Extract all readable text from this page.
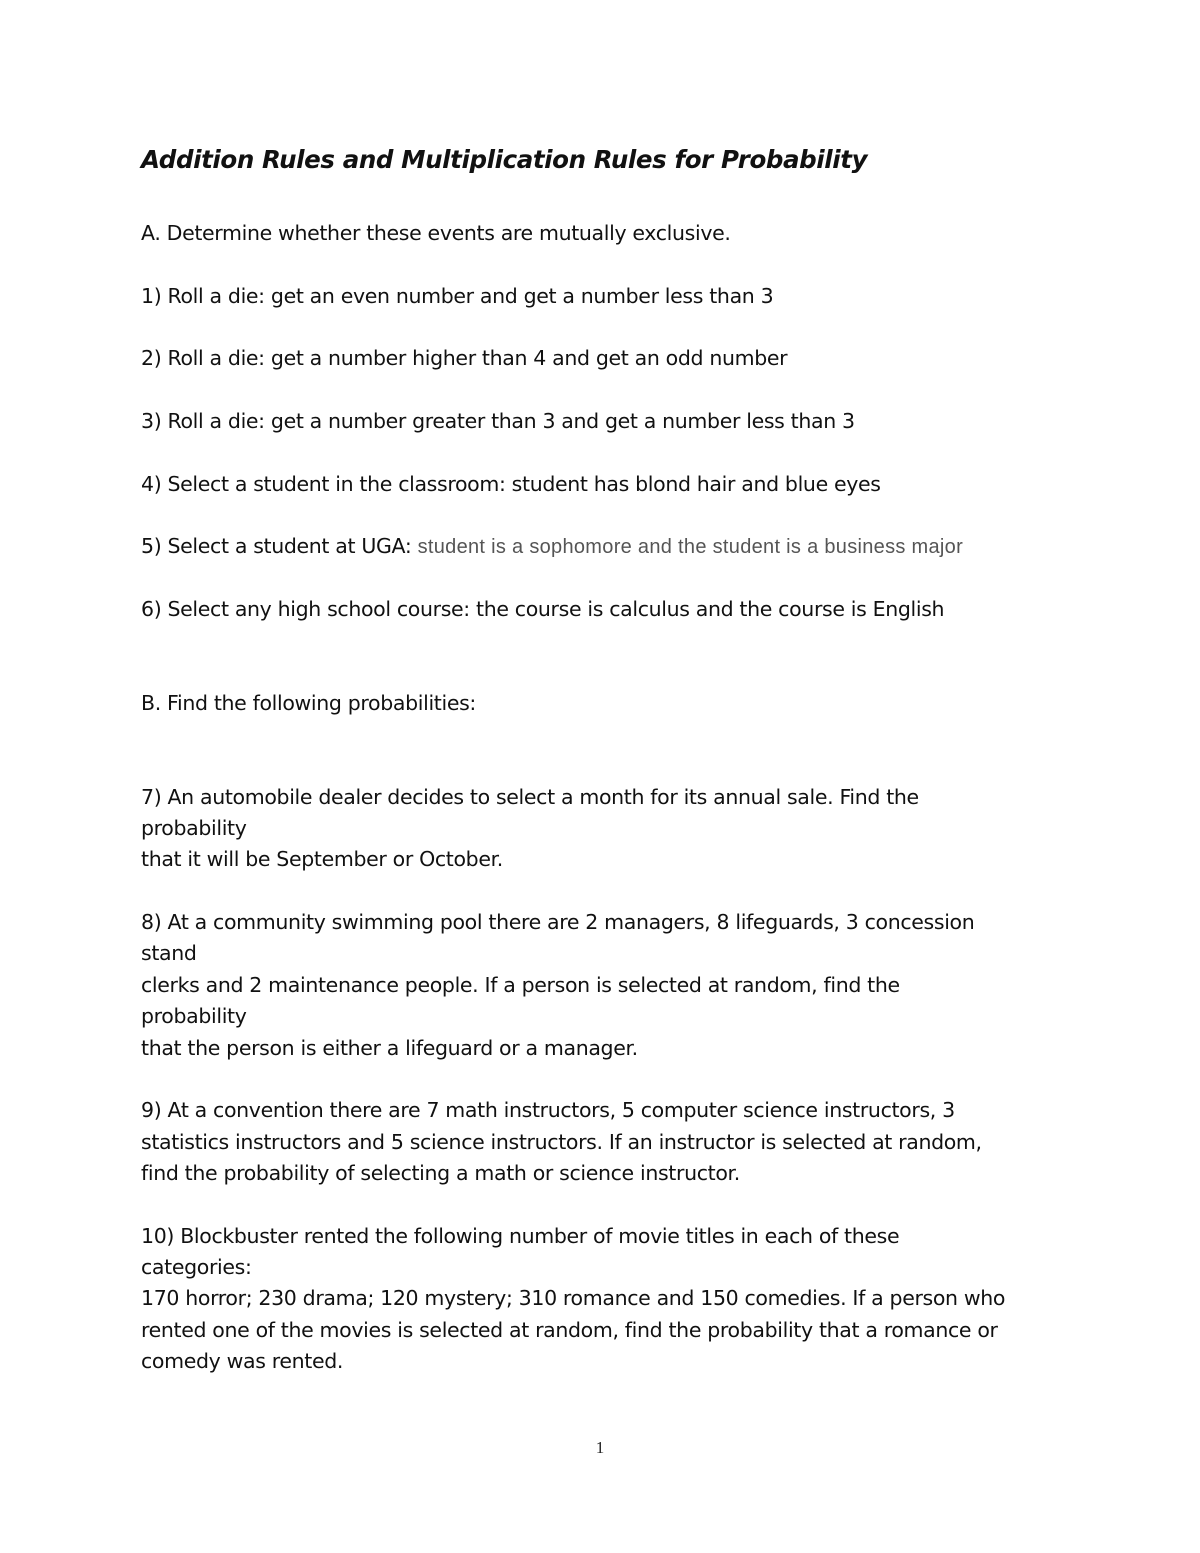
Addition Rules and Multiplication Rules for Probability
A. Determine whether these events are mutually exclusive.
1) Roll a die: get an even number and get a number less than 3
2) Roll a die: get a number higher than 4 and get an odd number
3) Roll a die: get a number greater than 3 and get a number less than 3
4) Select a student in the classroom: student has blond hair and blue eyes
5) Select a student at UGA: student is a sophomore and the student is a business major
6) Select any high school course: the course is calculus and the course is English
B. Find the following probabilities:
7) An automobile dealer decides to select a month for its annual sale. Find the
probability
that it will be September or October.
8) At a community swimming pool there are 2 managers, 8 lifeguards, 3 concession
stand
clerks and 2 maintenance people. If a person is selected at random, find the
probability
that the person is either a lifeguard or a manager.
9) At a convention there are 7 math instructors, 5 computer science instructors, 3
statistics instructors and 5 science instructors. If an instructor is selected at random,
find the probability of selecting a math or science instructor.
10) Blockbuster rented the following number of movie titles in each of these
categories:
170 horror; 230 drama; 120 mystery; 310 romance and 150 comedies. If a person who
rented one of the movies is selected at random, find the probability that a romance or
comedy was rented.
1
